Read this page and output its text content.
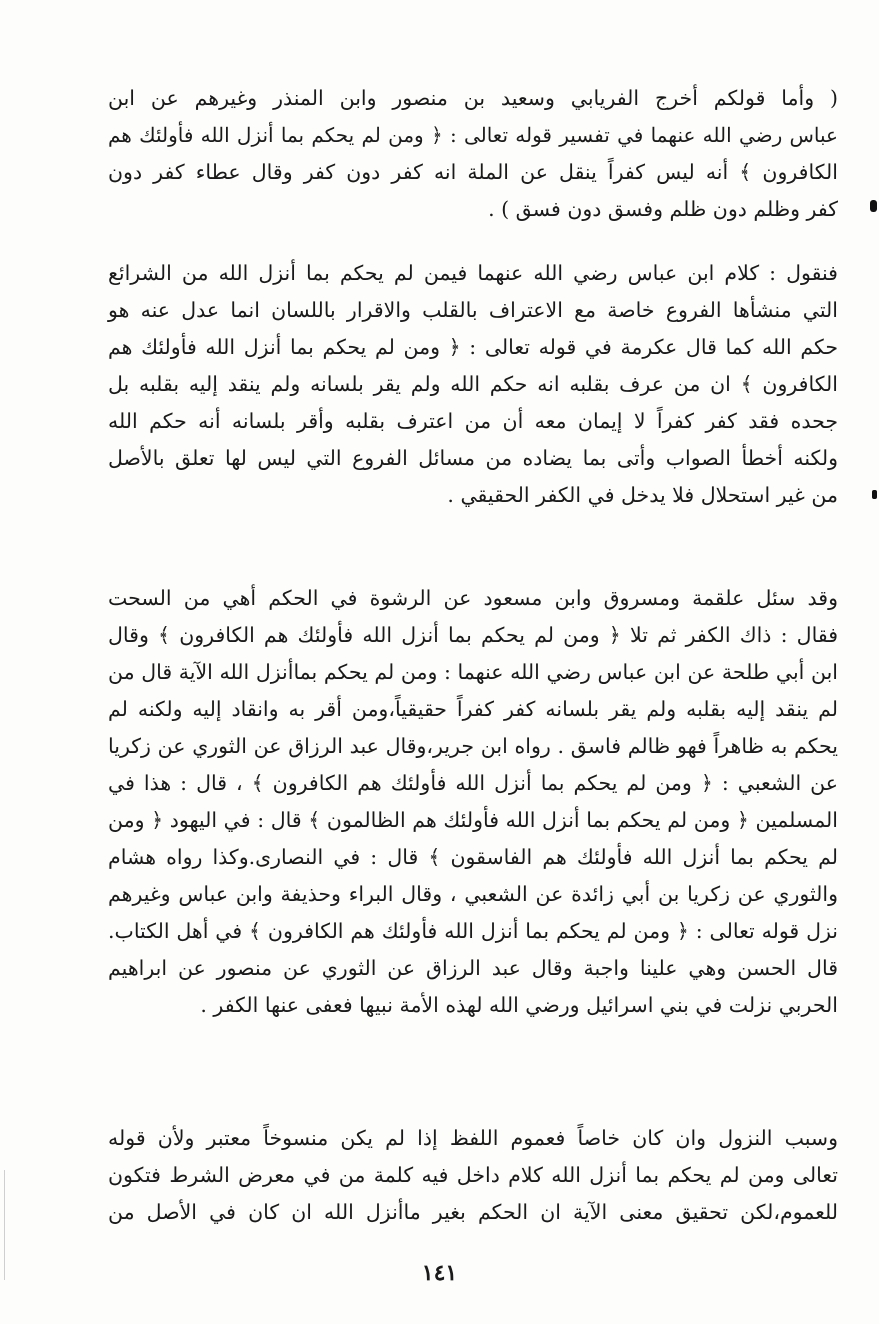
( وأما قولكم أخرج الفريابي وسعيد بن منصور وابن المنذر وغيرهم عن ابن
عباس رضي الله عنهما في تفسير قوله تعالى : ﴿ ومن لم يحكم بما أنزل الله فأولئك هم
الكافرون ﴾ أنه ليس كفراً ينقل عن الملة انه كفر دون كفر وقال عطاء كفر دون
كفر وظلم دون ظلم وفسق دون فسق ) .
فنقول : كلام ابن عباس رضي الله عنهما فيمن لم يحكم بما أنزل الله من الشرائع
التي منشأها الفروع خاصة مع الاعتراف بالقلب والاقرار باللسان انما عدل عنه هو
حكم الله كما قال عكرمة في قوله تعالى : ﴿ ومن لم يحكم بما أنزل الله فأولئك هم
الكافرون ﴾ ان من عرف بقلبه انه حكم الله ولم يقر بلسانه ولم ينقد إليه بقلبه بل
جحده فقد كفر كفراً لا إيمان معه أن من اعترف بقلبه وأقر بلسانه أنه حكم الله
ولكنه أخطأ الصواب وأتى بما يضاده من مسائل الفروع التي ليس لها تعلق بالأصل
من غير استحلال فلا يدخل في الكفر الحقيقي .
وقد سئل علقمة ومسروق وابن مسعود عن الرشوة في الحكم أهي من السحت
فقال : ذاك الكفر ثم تلا ﴿ ومن لم يحكم بما أنزل الله فأولئك هم الكافرون ﴾ وقال
ابن أبي طلحة عن ابن عباس رضي الله عنهما : ومن لم يحكم بماأنزل الله الآية قال من
لم ينقد إليه بقلبه ولم يقر بلسانه كفر كفراً حقيقياً،ومن أقر به وانقاد إليه ولكنه لم
يحكم به ظاهراً فهو ظالم فاسق . رواه ابن جرير،وقال عبد الرزاق عن الثوري عن زكريا
عن الشعبي : ﴿ ومن لم يحكم بما أنزل الله فأولئك هم الكافرون ﴾ ، قال : هذا في
المسلمين ﴿ ومن لم يحكم بما أنزل الله فأولئك هم الظالمون ﴾ قال : في اليهود ﴿ ومن
لم يحكم بما أنزل الله فأولئك هم الفاسقون ﴾ قال : في النصارى.وكذا رواه هشام
والثوري عن زكريا بن أبي زائدة عن الشعبي ، وقال البراء وحذيفة وابن عباس وغيرهم
نزل قوله تعالى : ﴿ ومن لم يحكم بما أنزل الله فأولئك هم الكافرون ﴾ في أهل الكتاب.
قال الحسن وهي علينا واجبة وقال عبد الرزاق عن الثوري عن منصور عن ابراهيم
الحربي نزلت في بني اسرائيل ورضي الله لهذه الأمة نبيها فعفى عنها الكفر .
وسبب النزول وان كان خاصاً فعموم اللفظ إذا لم يكن منسوخاً معتبر ولأن قوله
تعالى ومن لم يحكم بما أنزل الله كلام داخل فيه كلمة من في معرض الشرط فتكون
للعموم،لكن تحقيق معنى الآية ان الحكم بغير ماأنزل الله ان كان في الأصل من
١٤١
